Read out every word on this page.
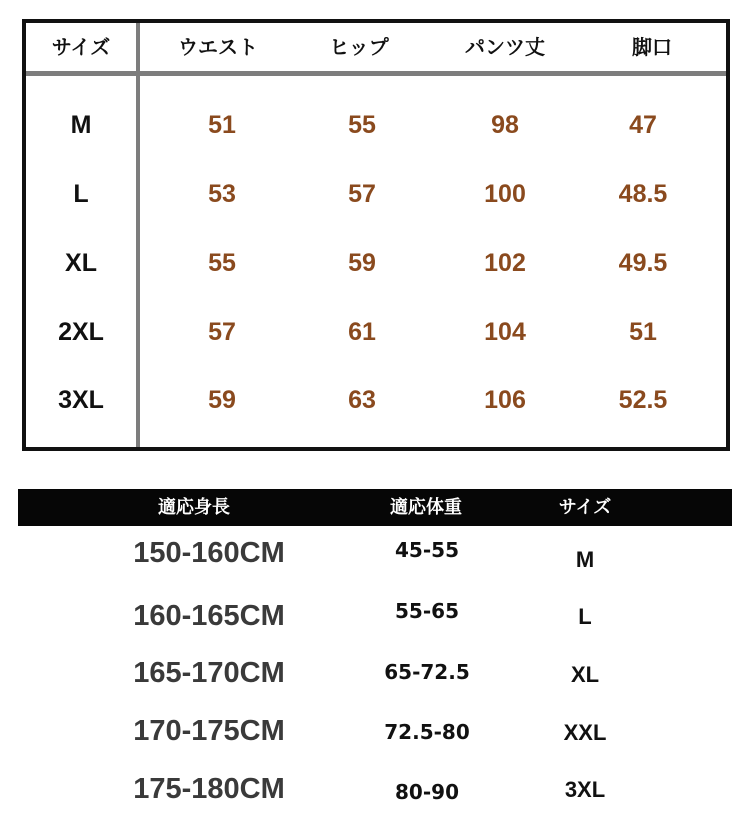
サイズ	ウエスト	ヒップ	パンツ丈	脚口
M	51	55	98	47
L	53	57	100	48.5
XL	55	59	102	49.5
2XL	57	61	104	51
3XL	59	63	106	52.5
適応身長	適応体重	サイズ
150-160CM	45-55	M
160-165CM	55-65	L
165-170CM	65-72.5	XL
170-175CM	72.5-80	XXL
175-180CM	80-90	3XL
